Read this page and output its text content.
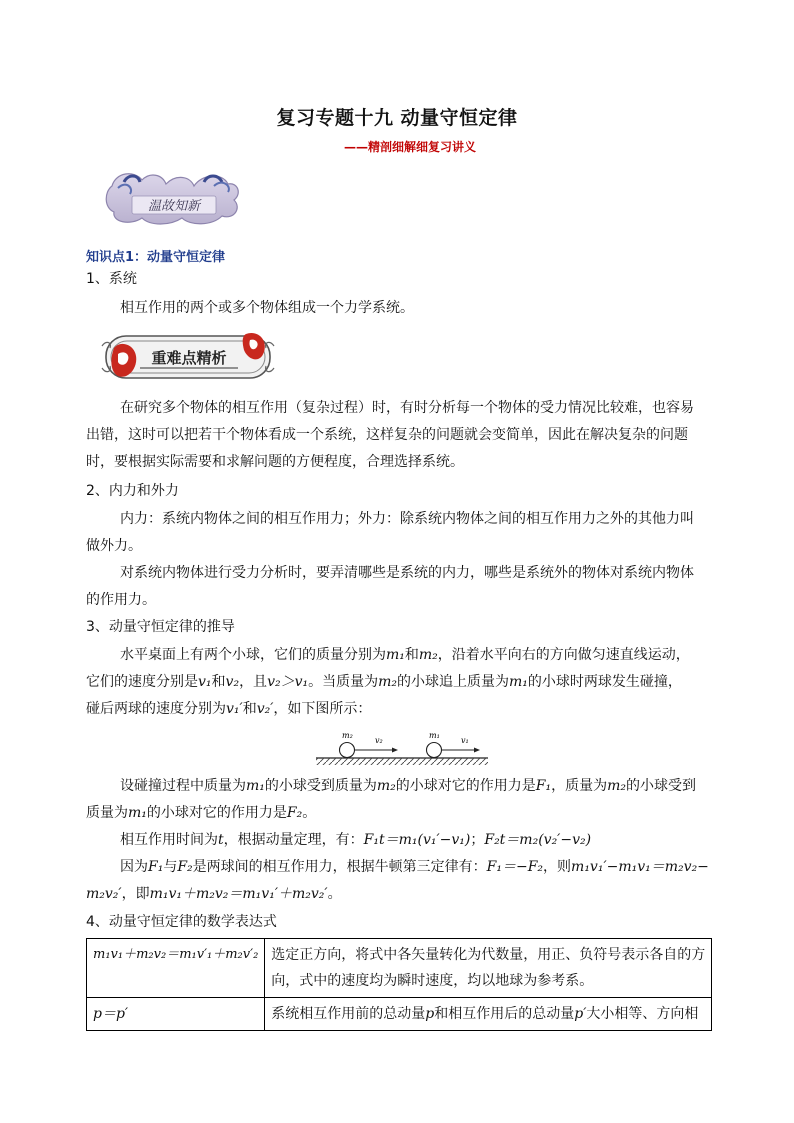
复习专题十九 动量守恒定律
——精剖细解细复习讲义
温故知新
知识点1：动量守恒定律
1、系统
相互作用的两个或多个物体组成一个力学系统。
重难点精析
在研究多个物体的相互作用（复杂过程）时，有时分析每一个物体的受力情况比较难，也容易
出错，这时可以把若干个物体看成一个系统，这样复杂的问题就会变简单，因此在解决复杂的问题
时，要根据实际需要和求解问题的方便程度，合理选择系统。
2、内力和外力
内力：系统内物体之间的相互作用力；外力：除系统内物体之间的相互作用力之外的其他力叫
做外力。
对系统内物体进行受力分析时，要弄清哪些是系统的内力，哪些是系统外的物体对系统内物体
的作用力。
3、动量守恒定律的推导
水平桌面上有两个小球，它们的质量分别为m₁和m₂，沿着水平向右的方向做匀速直线运动，
它们的速度分别是v₁和v₂，且v₂＞v₁。当质量为m₂的小球追上质量为m₁的小球时两球发生碰撞，
碰后两球的速度分别为v₁′和v₂′，如下图所示：
m₂
v₂
m₁
v₁
设碰撞过程中质量为m₁的小球受到质量为m₂的小球对它的作用力是F₁，质量为m₂的小球受到
质量为m₁的小球对它的作用力是F₂。
相互作用时间为t，根据动量定理，有：F₁t＝m₁(v₁′−v₁)；F₂t＝m₂(v₂′−v₂)
因为F₁与F₂是两球间的相互作用力，根据牛顿第三定律有：F₁＝−F₂，则m₁v₁′−m₁v₁＝m₂v₂−
m₂v₂′，即m₁v₁＋m₂v₂＝m₁v₁′＋m₂v₂′。
4、动量守恒定律的数学表达式
m₁v₁＋m₂v₂＝m₁v′₁＋m₂v′₂	选定正方向，将式中各矢量转化为代数量，用正、负符号表示各自的方
向，式中的速度均为瞬时速度，均以地球为参考系。

p＝p′	系统相互作用前的总动量p和相互作用后的总动量p′大小相等、方向相
